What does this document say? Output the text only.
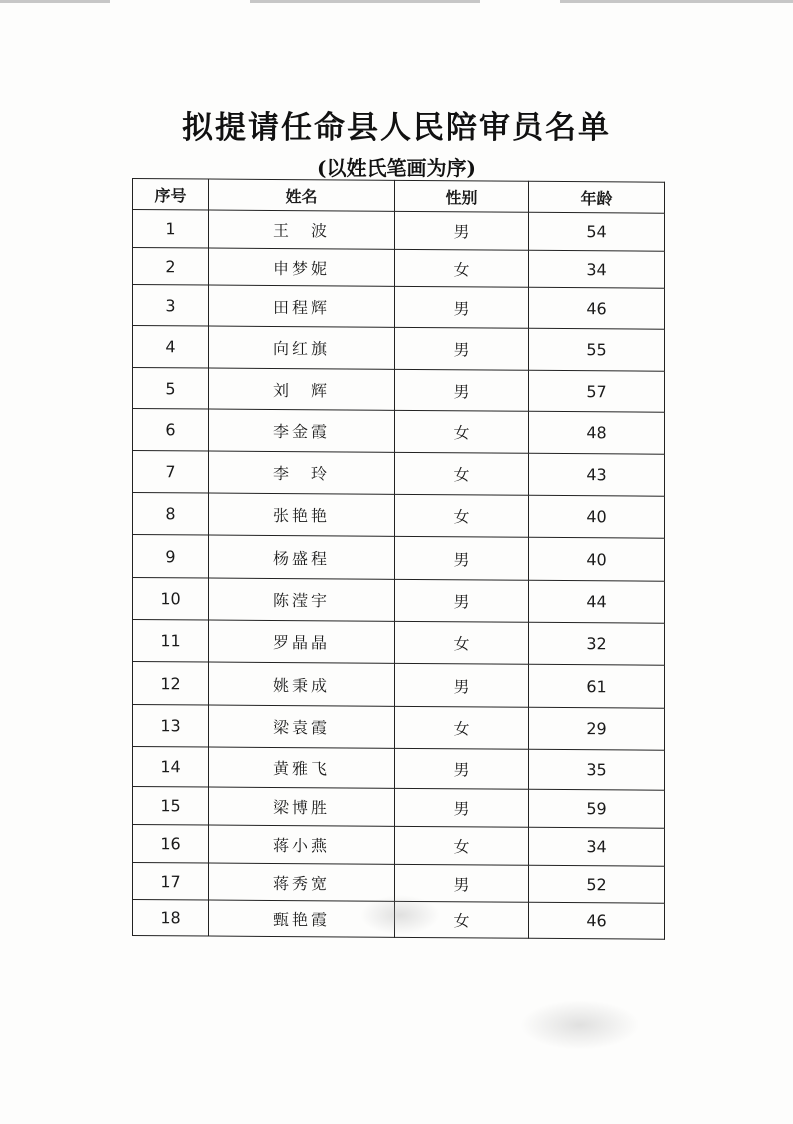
拟提请任命县人民陪审员名单
(以姓氏笔画为序)
序号	姓名	性别	年龄
1	王　波	男	54
2	申梦妮	女	34
3	田程辉	男	46
4	向红旗	男	55
5	刘　辉	男	57
6	李金霞	女	48
7	李　玲	女	43
8	张艳艳	女	40
9	杨盛程	男	40
10	陈滢宇	男	44
11	罗晶晶	女	32
12	姚秉成	男	61
13	梁袁霞	女	29
14	黄雅飞	男	35
15	梁博胜	男	59
16	蒋小燕	女	34
17	蒋秀宽	男	52
18	甄艳霞	女	46
